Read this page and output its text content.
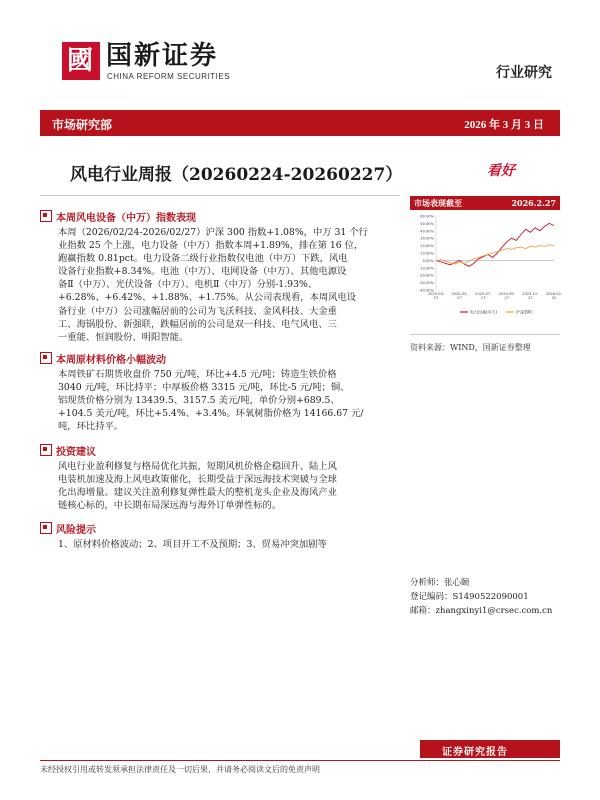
國 国新证券
CHINA REFORM SECURITIES	行业研究
市场研究部	2026 年 3 月 3 日
风电行业周报（20260224-20260227）	看好
本周风电设备（中万）指数表现
本周（2026/02/24-2026/02/27）沪深 300 指数+1.08%，中万 31 个行
业指数 25 个上涨，电力设备（中万）指数本周+1.89%，排在第 16 位，
跑赢指数 0.81pct。电力设备二级行业指数仅电池（中万）下跌，风电
设备行业指数+8.34%。电池（中万）、电网设备（中万）、其他电源设
备Ⅱ（中万）、光伏设备（中万）、电机Ⅱ（中万）分别-1.93%、
+6.28%、+6.42%、+1.88%、+1.75%。从公司表现看，本周风电设
备行业（中万）公司涨幅居前的公司为飞沃科技、金风科技、大金重
工、海锅股份、新强联，跌幅居前的公司是双一科技、电气风电、三
一重能、恒润股份、明阳智能。
本周原材料价格小幅波动
本周铁矿石期货收盘价 750 元/吨，环比+4.5 元/吨；铸造生铁价格
3040 元/吨，环比持平；中厚板价格 3315 元/吨，环比-5 元/吨；铜、
铝现货价格分别为 13439.5、3157.5 美元/吨，单价分别+689.5、
+104.5 美元/吨，环比+5.4%、+3.4%。环氧树脂价格为 14166.67 元/
吨，环比持平。
投资建议
风电行业盈利修复与格局优化共振，短期风机价格企稳回升、陆上风
电装机加速及海上风电政策催化，长期受益于深远海技术突破与全球
化出海增量。建议关注盈利修复弹性最大的整机龙头企业及海风产业
链核心标的，中长期布局深远海与海外订单弹性标的。
风险提示
1、原材料价格波动；2、项目开工不及预期；3、贸易冲突加剧等
市场表现截至	2026.2.27
60.00%
50.00%
40.00%
30.00%
20.00%
10.00%
0.00%
-10.00%
-20.00%
-30.00%
-40.00%
2025-02-
27
2025-05-
27
2025-07-
27
2025-09-
27
2025-12-
27
2026-02-
25
电力设备(中万)	沪深300
资料来源：WIND，国新证券整理
分析师：张心颐
登记编码：S1490522090001
邮箱：zhangxinyi1@crsec.com.cn
证券研究报告
未经授权引用或转发须承担法律责任及一切后果，并请务必阅读文后的免责声明
